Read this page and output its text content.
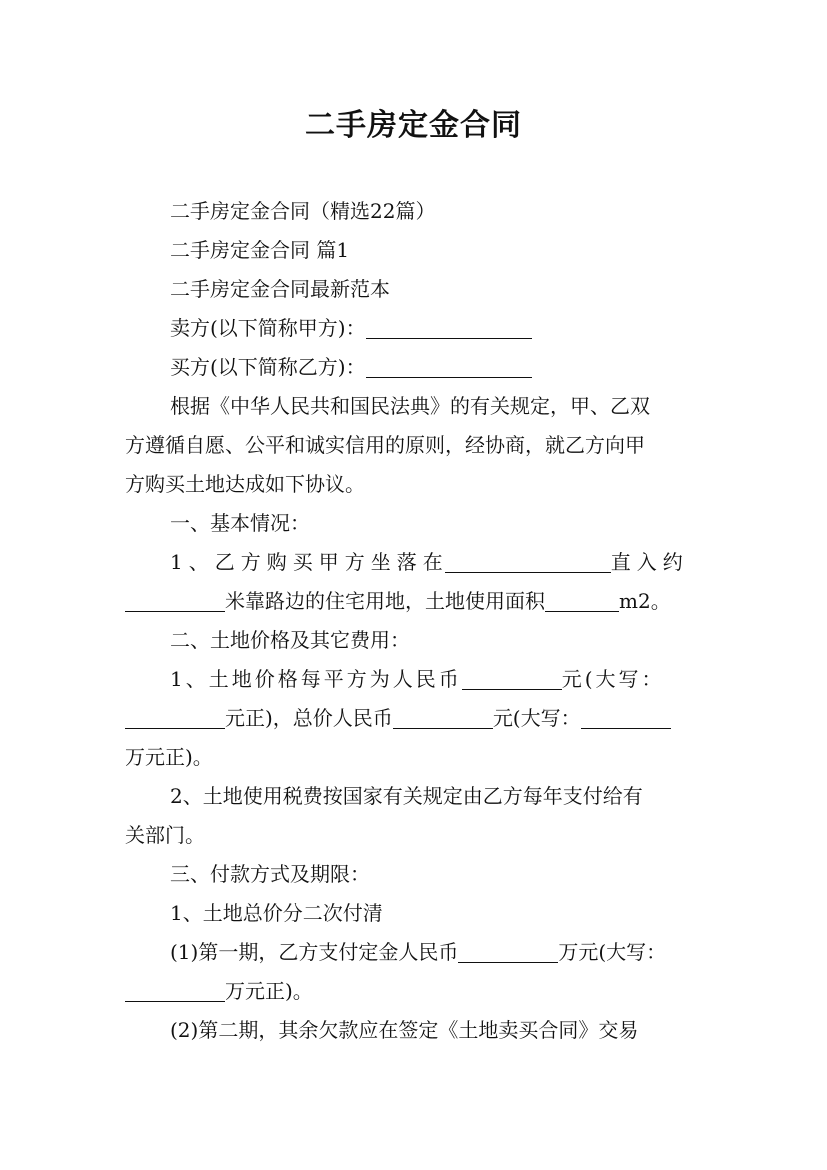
二手房定金合同

二手房定金合同（精选22篇）

二手房定金合同 篇1

二手房定金合同最新范本

卖方(以下简称甲方)：

买方(以下简称乙方)：

根据《中华人民共和国民法典》的有关规定，甲、乙双

方遵循自愿、公平和诚实信用的原则，经协商，就乙方向甲

方购买土地达成如下协议。

一、基本情况：

1、乙方购买甲方坐落在	直入约

米靠路边的住宅用地，土地使用面积	m2。

二、土地价格及其它费用：

1、土地价格每平方为人民币	元(大写：

元正)，总价人民币	元(大写：

万元正)。

2、土地使用税费按国家有关规定由乙方每年支付给有

关部门。

三、付款方式及期限：

1、土地总价分二次付清

(1)第一期，乙方支付定金人民币	万元(大写：

万元正)。

(2)第二期，其余欠款应在签定《土地卖买合同》交易
